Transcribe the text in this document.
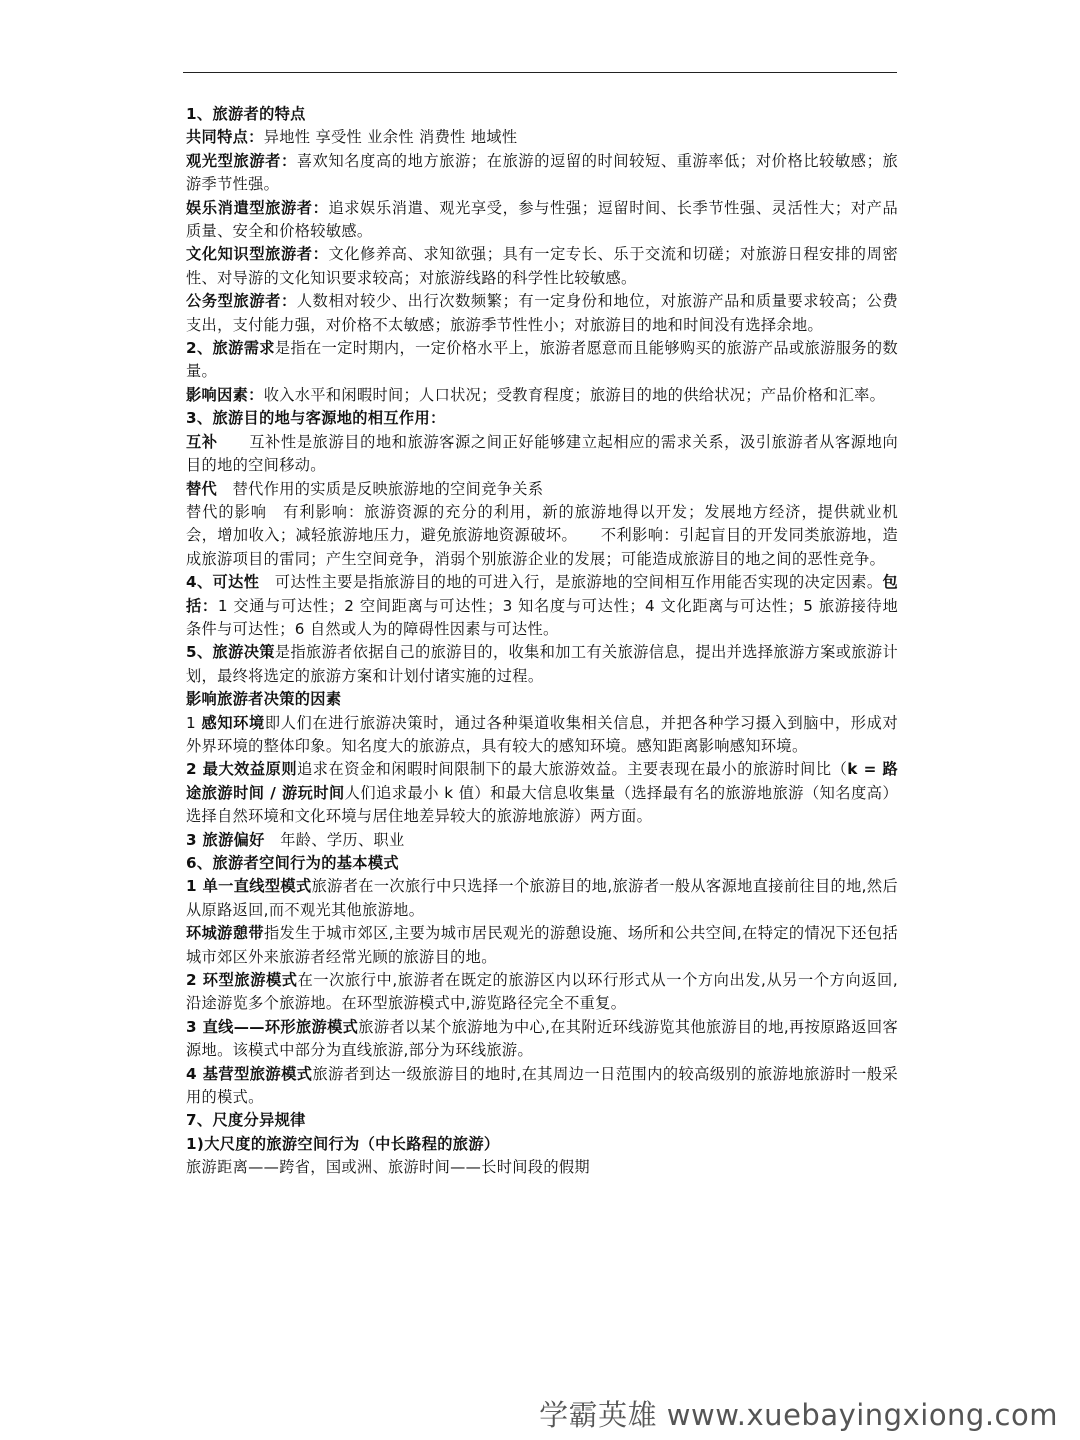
1、旅游者的特点

共同特点：异地性 享受性 业余性 消费性 地域性

观光型旅游者：喜欢知名度高的地方旅游；在旅游的逗留的时间较短、重游率低；对价格比较敏感；旅游季节性强。

娱乐消遣型旅游者：追求娱乐消遣、观光享受，参与性强；逗留时间、长季节性强、灵活性大；对产品质量、安全和价格较敏感。

文化知识型旅游者：文化修养高、求知欲强；具有一定专长、乐于交流和切磋；对旅游日程安排的周密性、对导游的文化知识要求较高；对旅游线路的科学性比较敏感。

公务型旅游者：人数相对较少、出行次数频繁；有一定身份和地位，对旅游产品和质量要求较高；公费支出，支付能力强，对价格不太敏感；旅游季节性性小；对旅游目的地和时间没有选择余地。

2、旅游需求是指在一定时期内，一定价格水平上，旅游者愿意而且能够购买的旅游产品或旅游服务的数量。

影响因素：收入水平和闲暇时间；人口状况；受教育程度；旅游目的地的供给状况；产品价格和汇率。

3、旅游目的地与客源地的相互作用：

互补　　互补性是旅游目的地和旅游客源之间正好能够建立起相应的需求关系，汲引旅游者从客源地向目的地的空间移动。

替代　替代作用的实质是反映旅游地的空间竞争关系

替代的影响　有利影响：旅游资源的充分的利用，新的旅游地得以开发；发展地方经济，提供就业机会，增加收入；减轻旅游地压力，避免旅游地资源破坏。　　不利影响：引起盲目的开发同类旅游地，造成旅游项目的雷同；产生空间竞争，消弱个别旅游企业的发展；可能造成旅游目的地之间的恶性竞争。

4、可达性　可达性主要是指旅游目的地的可进入行，是旅游地的空间相互作用能否实现的决定因素。包括：1 交通与可达性；2 空间距离与可达性；3 知名度与可达性；4 文化距离与可达性；5 旅游接待地条件与可达性；6 自然或人为的障碍性因素与可达性。

5、旅游决策是指旅游者依据自己的旅游目的，收集和加工有关旅游信息，提出并选择旅游方案或旅游计划，最终将选定的旅游方案和计划付诸实施的过程。

影响旅游者决策的因素

1 感知环境即人们在进行旅游决策时，通过各种渠道收集相关信息，并把各种学习摄入到脑中，形成对外界环境的整体印象。知名度大的旅游点，具有较大的感知环境。感知距离影响感知环境。

2 最大效益原则追求在资金和闲暇时间限制下的最大旅游效益。主要表现在最小的旅游时间比（k = 路途旅游时间 / 游玩时间人们追求最小 k 值）和最大信息收集量（选择最有名的旅游地旅游（知名度高）选择自然环境和文化环境与居住地差异较大的旅游地旅游）两方面。

3 旅游偏好　年龄、学历、职业

6、旅游者空间行为的基本模式

1 单一直线型模式旅游者在一次旅行中只选择一个旅游目的地,旅游者一般从客源地直接前往目的地,然后从原路返回,而不观光其他旅游地。

环城游憩带指发生于城市郊区,主要为城市居民观光的游憩设施、场所和公共空间,在特定的情况下还包括城市郊区外来旅游者经常光顾的旅游目的地。

2 环型旅游模式在一次旅行中,旅游者在既定的旅游区内以环行形式从一个方向出发,从另一个方向返回,沿途游览多个旅游地。在环型旅游模式中,游览路径完全不重复。

3 直线——环形旅游模式旅游者以某个旅游地为中心,在其附近环线游览其他旅游目的地,再按原路返回客源地。该模式中部分为直线旅游,部分为环线旅游。

4 基营型旅游模式旅游者到达一级旅游目的地时,在其周边一日范围内的较高级别的旅游地旅游时一般采用的模式。

7、尺度分异规律

1)大尺度的旅游空间行为（中长路程的旅游）

旅游距离——跨省，国或洲、旅游时间——长时间段的假期

学霸英雄 www.xuebayingxiong.com
